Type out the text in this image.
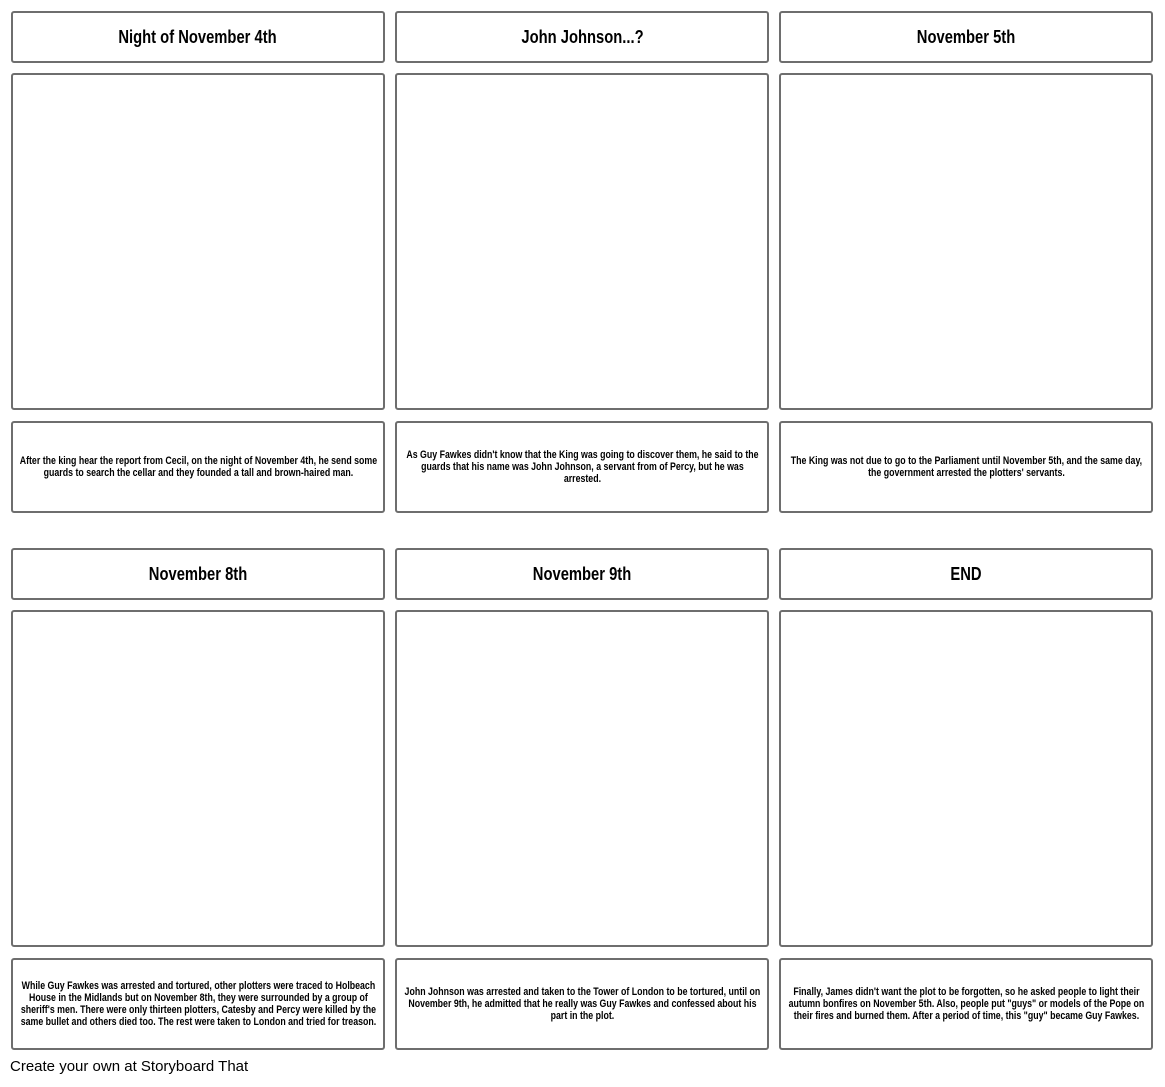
Night of November 4th	John Johnson...?	November 5th
After the king hear the report from Cecil, on the night of November 4th, he send some guards to search the cellar and they founded a tall and brown-haired man.
As Guy Fawkes didn't know that the King was going to discover them, he said to the guards that his name was John Johnson, a servant from of Percy, but he was arrested.
The King was not due to go to the Parliament until November 5th, and the same day, the government arrested the plotters' servants.
November 8th	November 9th	END
While Guy Fawkes was arrested and tortured, other plotters were traced to Holbeach House in the Midlands but on November 8th, they were surrounded by a group of sheriff's men. There were only thirteen plotters, Catesby and Percy were killed by the same bullet and others died too. The rest were taken to London and tried for treason.
John Johnson was arrested and taken to the Tower of London to be tortured, until on November 9th, he admitted that he really was Guy Fawkes and confessed about his part in the plot.
Finally, James didn't want the plot to be forgotten, so he asked people to light their autumn bonfires on November 5th. Also, people put "guys" or models of the Pope on their fires and burned them. After a period of time, this "guy" became Guy Fawkes.
Create your own at Storyboard That
